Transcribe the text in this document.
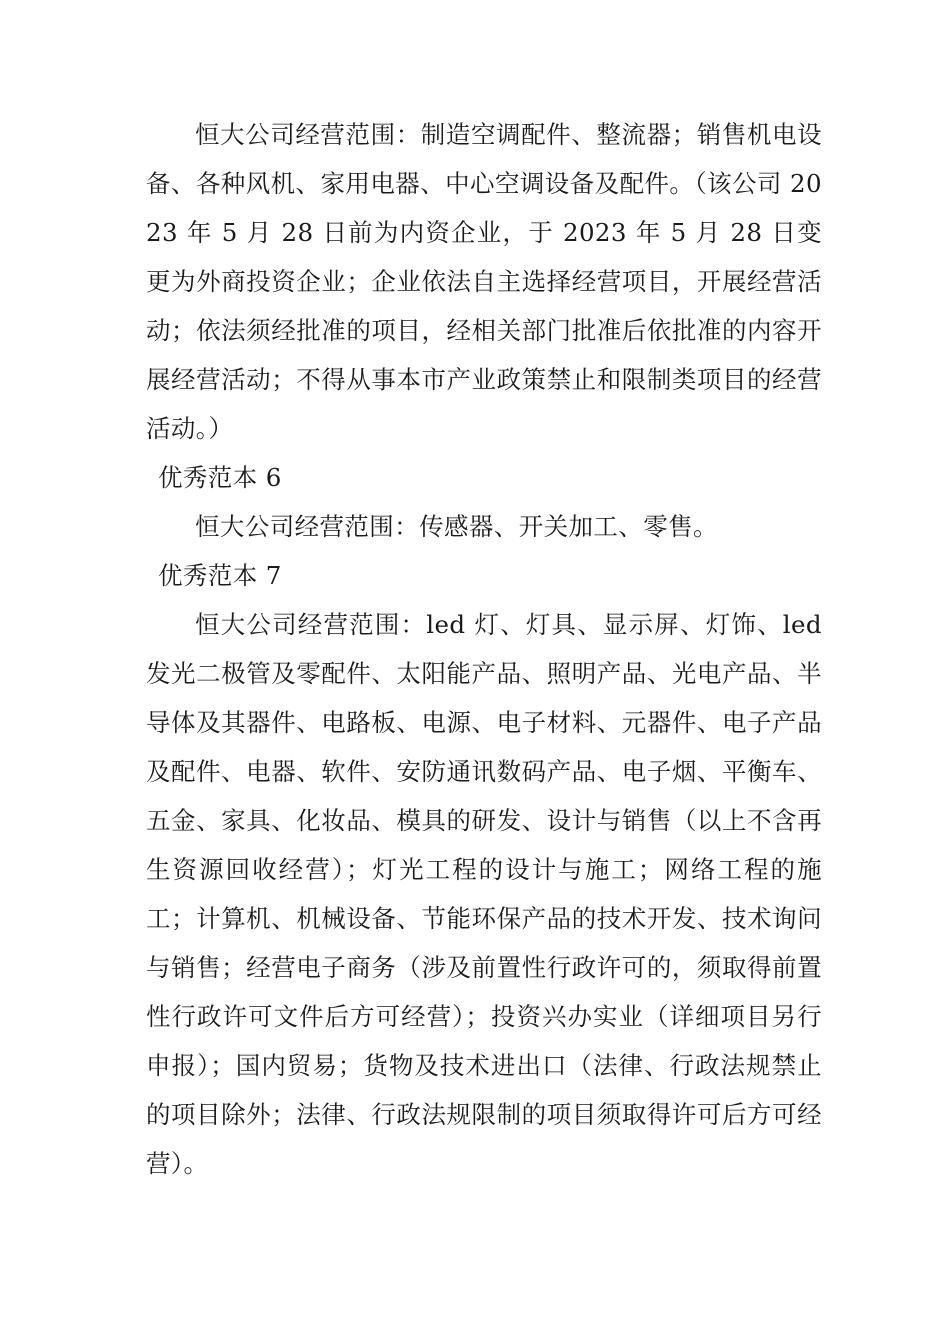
恒大公司经营范围：制造空调配件、整流器；销售机电设备、各种风机、家用电器、中心空调设备及配件。（该公司 2023 年 5 月 28 日前为内资企业，于 2023 年 5 月 28 日变更为外商投资企业；企业依法自主选择经营项目，开展经营活动；依法须经批准的项目，经相关部门批准后依批准的内容开展经营活动；不得从事本市产业政策禁止和限制类项目的经营活动。）

优秀范本 6

恒大公司经营范围：传感器、开关加工、零售。

优秀范本 7

恒大公司经营范围：led 灯、灯具、显示屏、灯饰、led 发光二极管及零配件、太阳能产品、照明产品、光电产品、半导体及其器件、电路板、电源、电子材料、元器件、电子产品及配件、电器、软件、安防通讯数码产品、电子烟、平衡车、五金、家具、化妆品、模具的研发、设计与销售（以上不含再生资源回收经营）；灯光工程的设计与施工；网络工程的施工；计算机、机械设备、节能环保产品的技术开发、技术询问与销售；经营电子商务（涉及前置性行政许可的，须取得前置性行政许可文件后方可经营）；投资兴办实业（详细项目另行申报）；国内贸易；货物及技术进出口（法律、行政法规禁止的项目除外；法律、行政法规限制的项目须取得许可后方可经营）。
